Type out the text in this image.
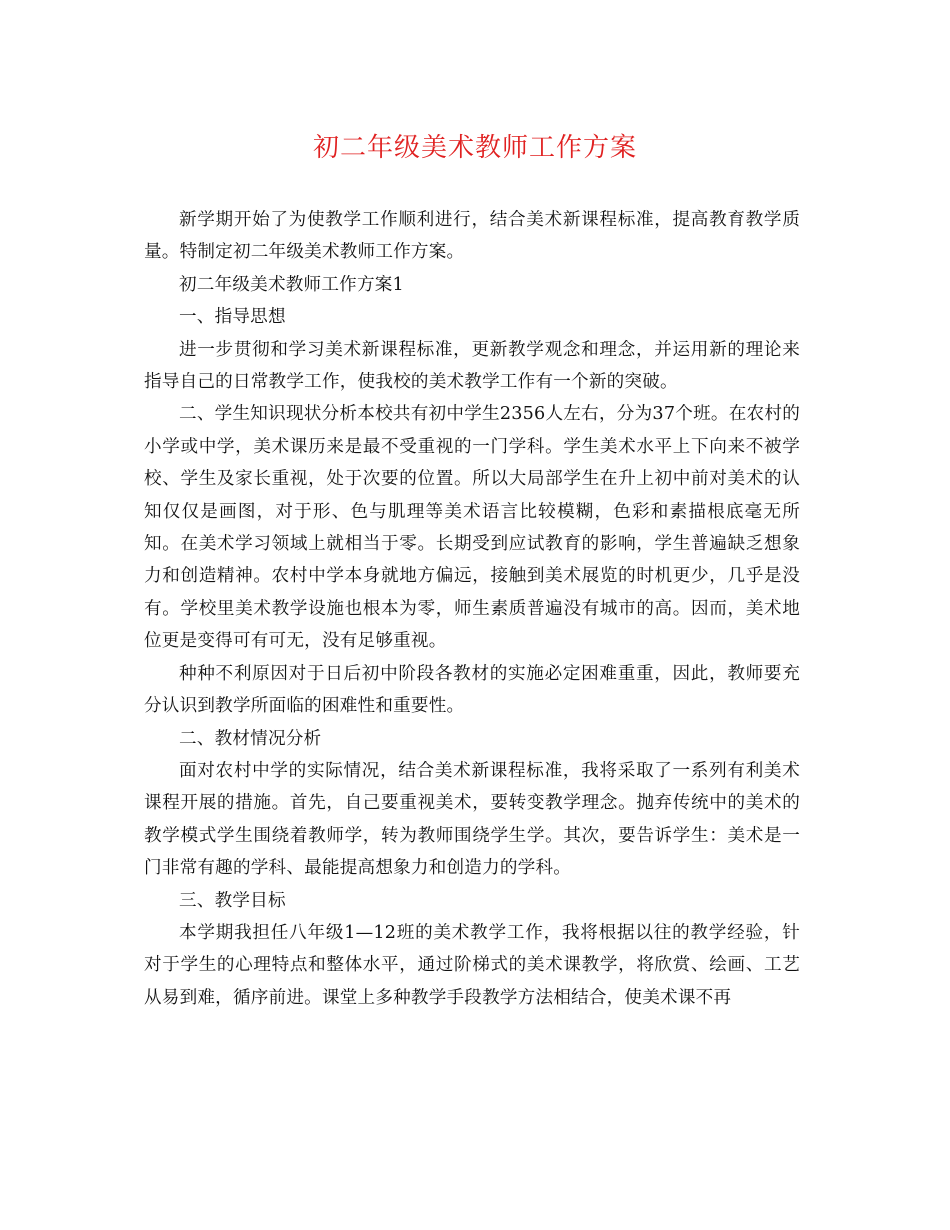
初二年级美术教师工作方案

新学期开始了为使教学工作顺利进行，结合美术新课程标准，提高教育教学质量。特制定初二年级美术教师工作方案。

初二年级美术教师工作方案1

一、指导思想

进一步贯彻和学习美术新课程标准，更新教学观念和理念，并运用新的理论来指导自己的日常教学工作，使我校的美术教学工作有一个新的突破。

二、学生知识现状分析本校共有初中学生2356人左右，分为37个班。在农村的小学或中学，美术课历来是最不受重视的一门学科。学生美术水平上下向来不被学校、学生及家长重视，处于次要的位置。所以大局部学生在升上初中前对美术的认知仅仅是画图，对于形、色与肌理等美术语言比较模糊，色彩和素描根底毫无所知。在美术学习领域上就相当于零。长期受到应试教育的影响，学生普遍缺乏想象力和创造精神。农村中学本身就地方偏远，接触到美术展览的时机更少，几乎是没有。学校里美术教学设施也根本为零，师生素质普遍没有城市的高。因而，美术地位更是变得可有可无，没有足够重视。

种种不利原因对于日后初中阶段各教材的实施必定困难重重，因此，教师要充分认识到教学所面临的困难性和重要性。

二、教材情况分析

面对农村中学的实际情况，结合美术新课程标准，我将采取了一系列有利美术课程开展的措施。首先，自己要重视美术，要转变教学理念。抛弃传统中的美术的教学模式学生围绕着教师学，转为教师围绕学生学。其次，要告诉学生：美术是一门非常有趣的学科、最能提高想象力和创造力的学科。

三、教学目标

本学期我担任八年级1—12班的美术教学工作，我将根据以往的教学经验，针对于学生的心理特点和整体水平，通过阶梯式的美术课教学，将欣赏、绘画、工艺从易到难，循序前进。课堂上多种教学手段教学方法相结合，使美术课不再
